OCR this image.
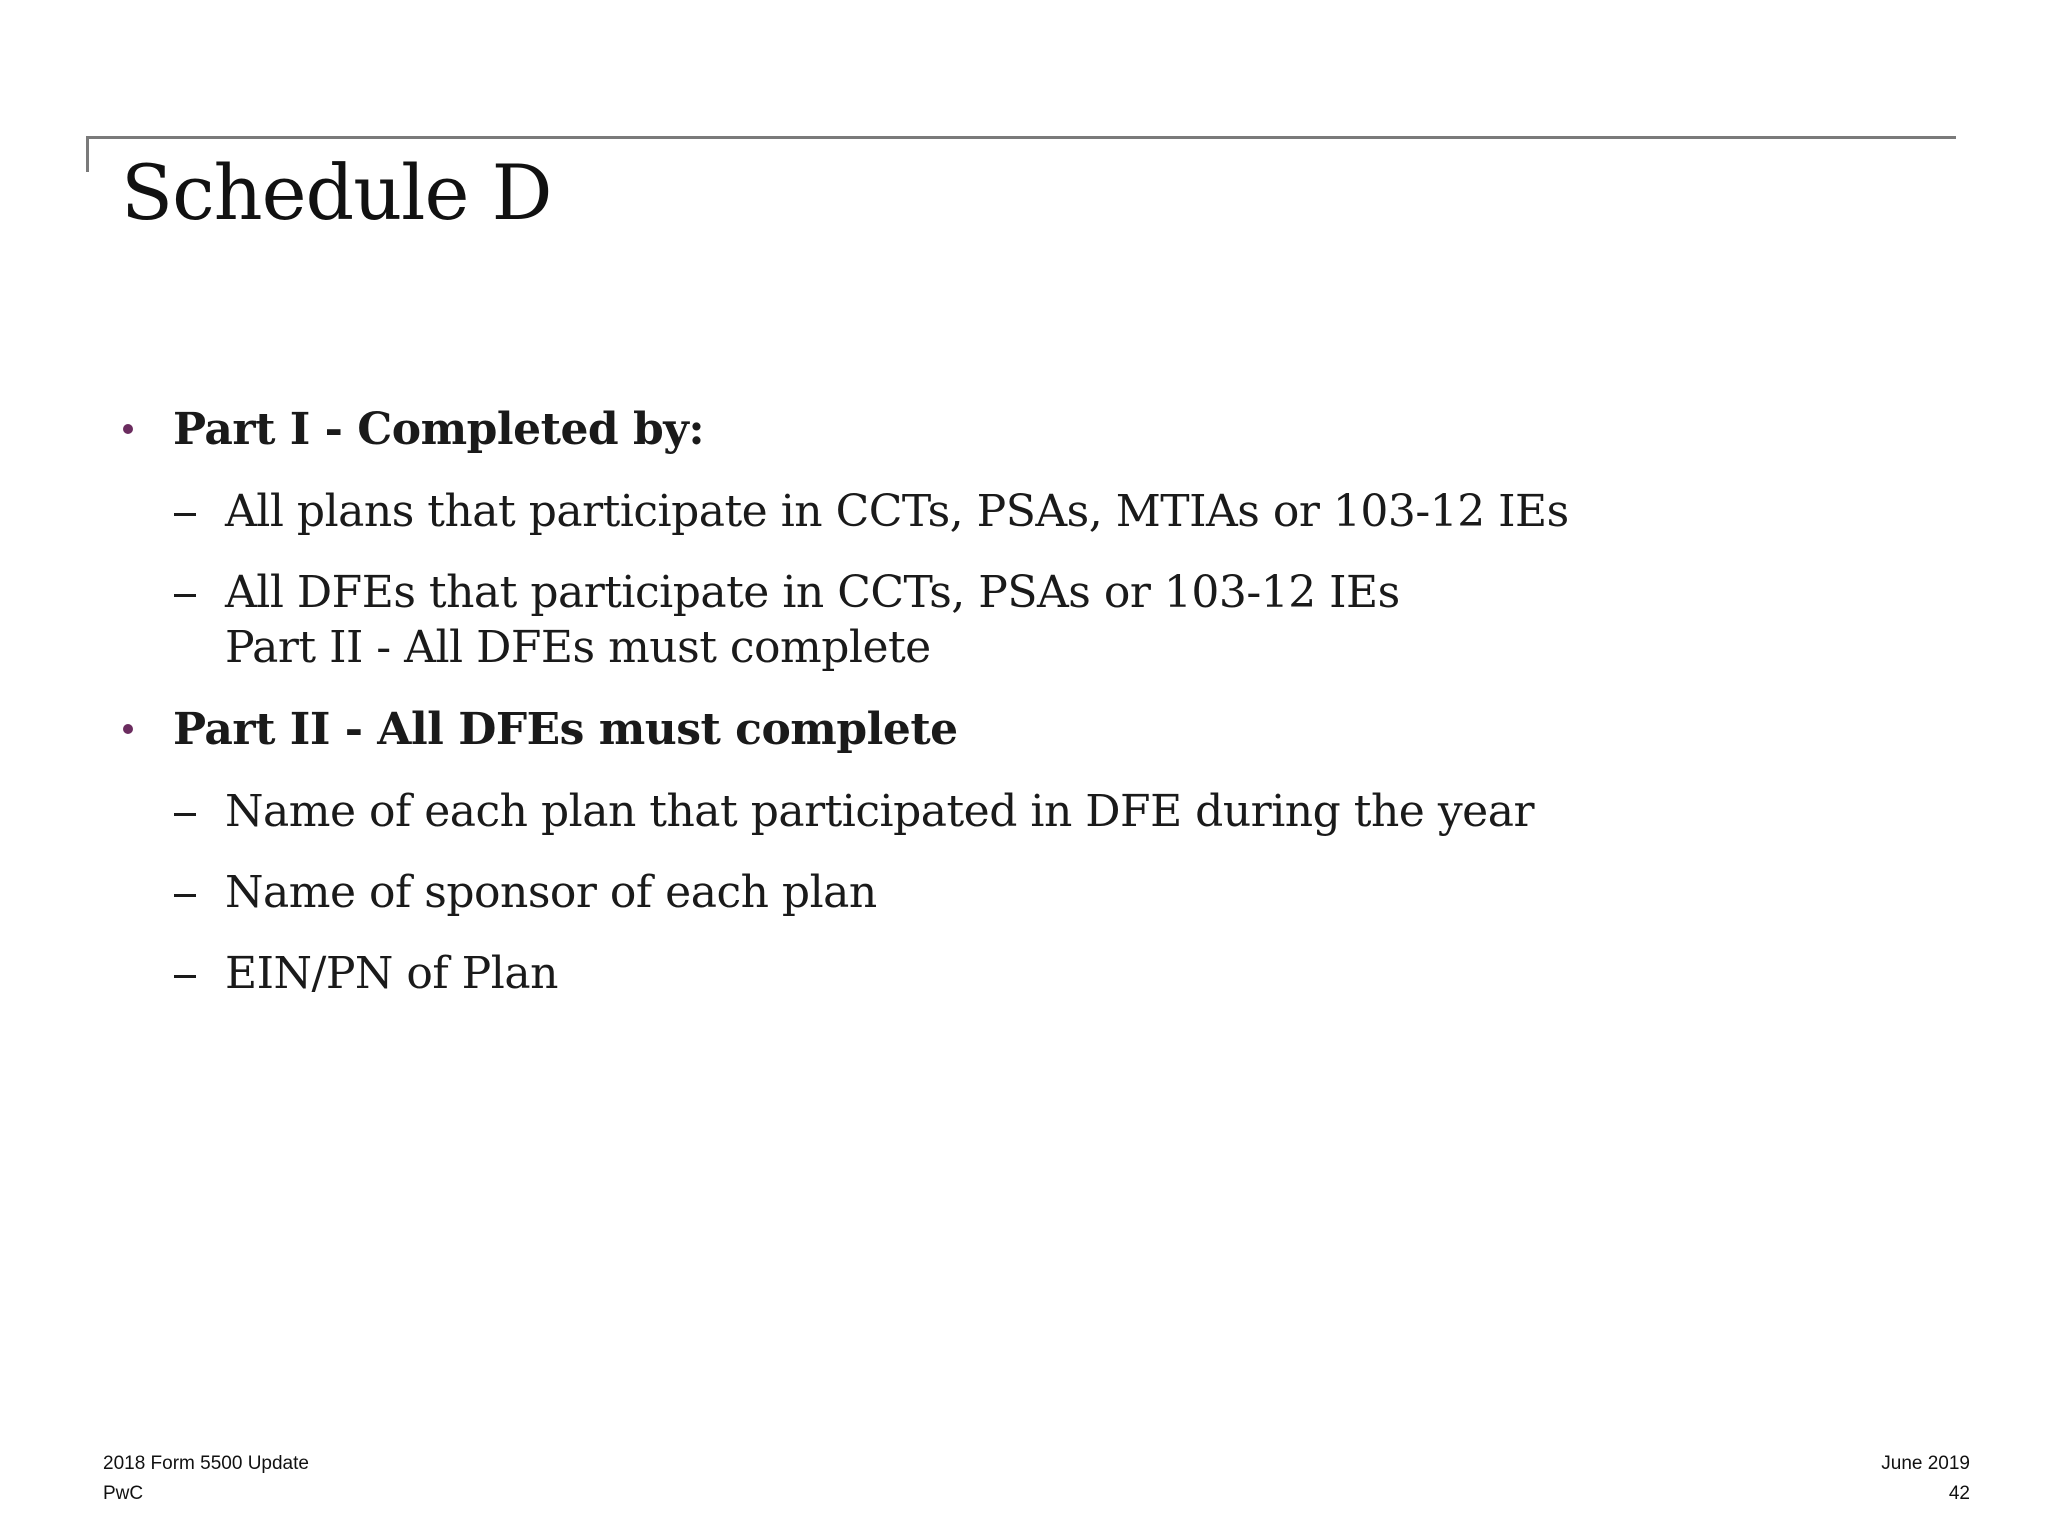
Schedule D
Part I - Completed by:
All plans that participate in CCTs, PSAs, MTIAs or 103-12 IEs
All DFEs that participate in CCTs, PSAs or 103-12 IEs
Part II - All DFEs must complete
Part II - All DFEs must complete
Name of each plan that participated in DFE during the year
Name of sponsor of each plan
EIN/PN of Plan
2018 Form 5500 Update
PwC
June 2019
42
